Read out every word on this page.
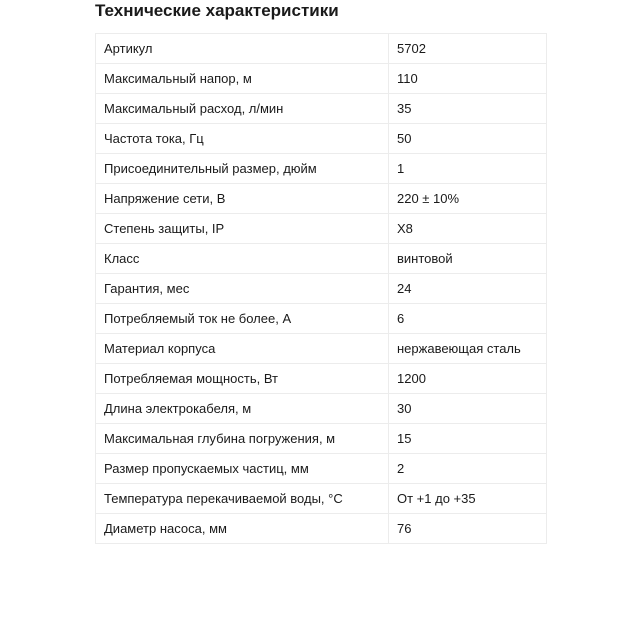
Технические характеристики
Артикул	5702
Максимальный напор, м	110
Максимальный расход, л/мин	35
Частота тока, Гц	50
Присоединительный размер, дюйм	1
Напряжение сети, В	220 ± 10%
Степень защиты, IP	X8
Класс	винтовой
Гарантия, мес	24
Потребляемый ток не более, А	6
Материал корпуса	нержавеющая сталь
Потребляемая мощность, Вт	1200
Длина электрокабеля, м	30
Максимальная глубина погружения, м	15
Размер пропускаемых частиц, мм	2
Температура перекачиваемой воды, °С	От +1 до +35
Диаметр насоса, мм	76
